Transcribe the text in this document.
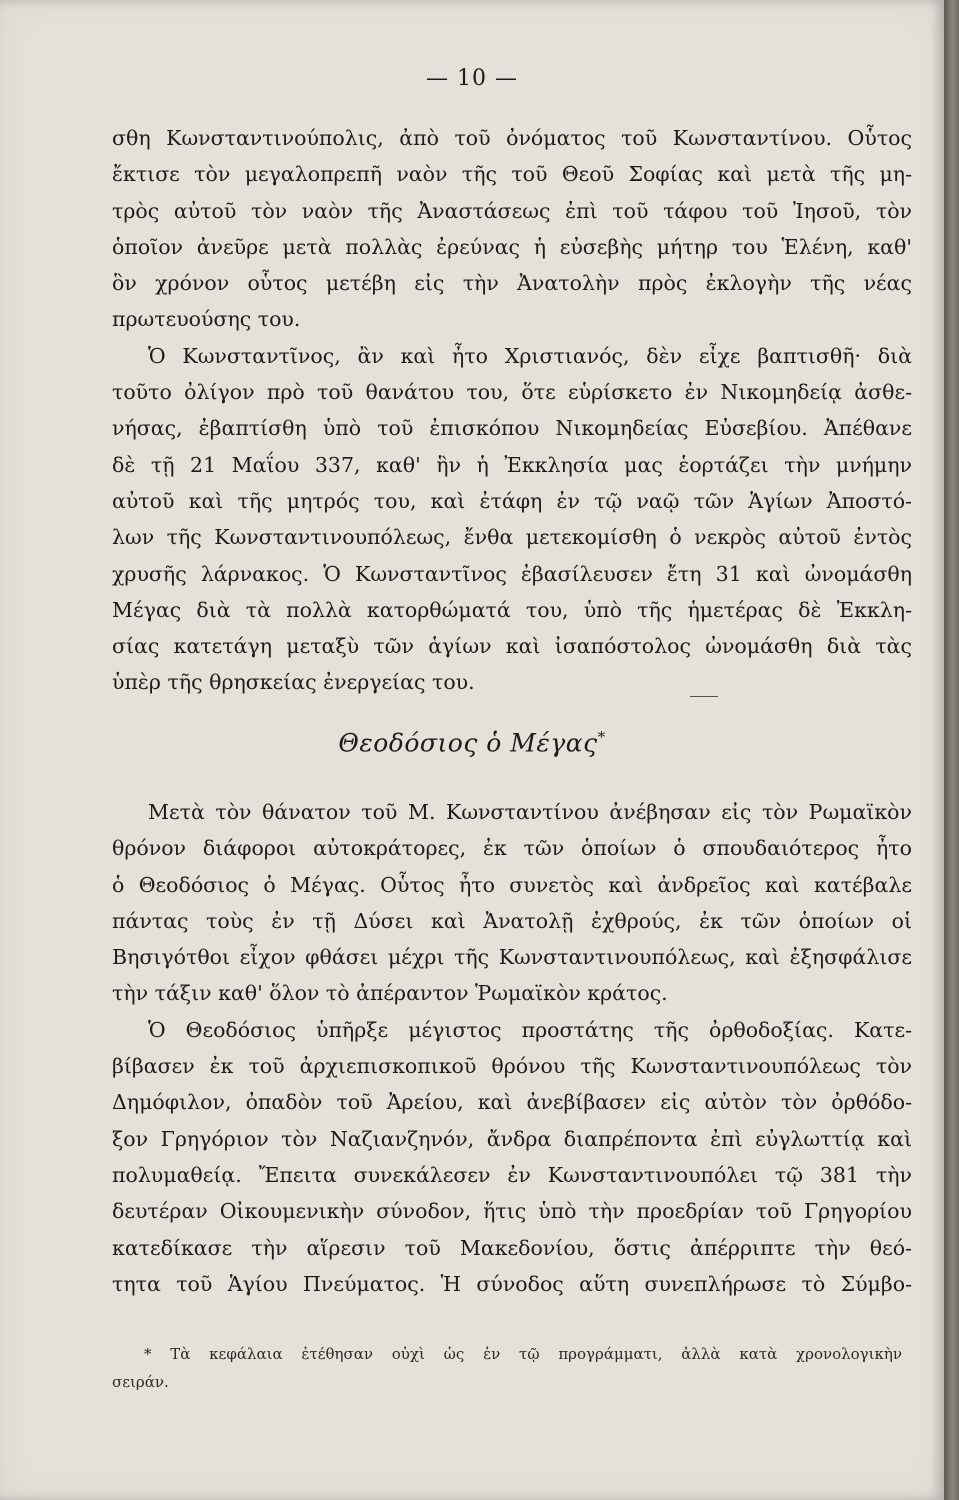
— 10 —
σθη Κωνσταντινούπολις, ἀπὸ τοῦ ὀνόματος τοῦ Κωνσταντίνου. Οὗτος
ἔκτισε τὸν μεγαλοπρεπῆ ναὸν τῆς τοῦ Θεοῦ Σοφίας καὶ μετὰ τῆς μη-
τρὸς αὐτοῦ τὸν ναὸν τῆς Ἀναστάσεως ἐπὶ τοῦ τάφου τοῦ Ἰησοῦ, τὸν
ὁποῖον ἀνεῦρε μετὰ πολλὰς ἐρεύνας ἡ εὐσεβὴς μήτηρ του Ἑλένη, καθ'
ὃν χρόνον οὗτος μετέβη εἰς τὴν Ἀνατολὴν πρὸς ἐκλογὴν τῆς νέας
πρωτευούσης του.
Ὁ Κωνσταντῖνος, ἂν καὶ ἦτο Χριστιανός, δὲν εἶχε βαπτισθῆ· διὰ
τοῦτο ὀλίγον πρὸ τοῦ θανάτου του, ὅτε εὑρίσκετο ἐν Νικομηδείᾳ ἀσθε-
νήσας, ἐβαπτίσθη ὑπὸ τοῦ ἐπισκόπου Νικομηδείας Εὐσεβίου. Ἀπέθανε
δὲ τῇ 21 Μαΐου 337, καθ' ἣν ἡ Ἐκκλησία μας ἑορτάζει τὴν μνήμην
αὐτοῦ καὶ τῆς μητρός του, καὶ ἐτάφη ἐν τῷ ναῷ τῶν Ἁγίων Ἀποστό-
λων τῆς Κωνσταντινουπόλεως, ἔνθα μετεκομίσθη ὁ νεκρὸς αὐτοῦ ἐντὸς
χρυσῆς λάρνακος. Ὁ Κωνσταντῖνος ἐβασίλευσεν ἔτη 31 καὶ ὠνομάσθη
Μέγας διὰ τὰ πολλὰ κατορθώματά του, ὑπὸ τῆς ἡμετέρας δὲ Ἐκκλη-
σίας κατετάγη μεταξὺ τῶν ἁγίων καὶ ἰσαπόστολος ὠνομάσθη διὰ τὰς
ὑπὲρ τῆς θρησκείας ἐνεργείας του.
Θεοδόσιος ὁ Μέγας*
Μετὰ τὸν θάνατον τοῦ Μ. Κωνσταντίνου ἀνέβησαν εἰς τὸν Ρωμαϊκὸν
θρόνον διάφοροι αὐτοκράτορες, ἐκ τῶν ὁποίων ὁ σπουδαιότερος ἦτο
ὁ Θεοδόσιος ὁ Μέγας. Οὗτος ἦτο συνετὸς καὶ ἀνδρεῖος καὶ κατέβαλε
πάντας τοὺς ἐν τῇ Δύσει καὶ Ἀνατολῇ ἐχθρούς, ἐκ τῶν ὁποίων οἱ
Βησιγότθοι εἶχον φθάσει μέχρι τῆς Κωνσταντινουπόλεως, καὶ ἐξησφάλισε
τὴν τάξιν καθ' ὅλον τὸ ἀπέραντον Ῥωμαϊκὸν κράτος.
Ὁ Θεοδόσιος ὑπῆρξε μέγιστος προστάτης τῆς ὀρθοδοξίας. Κατε-
βίβασεν ἐκ τοῦ ἀρχιεπισκοπικοῦ θρόνου τῆς Κωνσταντινουπόλεως τὸν
Δημόφιλον, ὀπαδὸν τοῦ Ἀρείου, καὶ ἀνεβίβασεν εἰς αὐτὸν τὸν ὀρθόδο-
ξον Γρηγόριον τὸν Ναζιανζηνόν, ἄνδρα διαπρέποντα ἐπὶ εὐγλωττίᾳ καὶ
πολυμαθείᾳ. Ἔπειτα συνεκάλεσεν ἐν Κωνσταντινουπόλει τῷ 381 τὴν
δευτέραν Οἰκουμενικὴν σύνοδον, ἥτις ὑπὸ τὴν προεδρίαν τοῦ Γρηγορίου
κατεδίκασε τὴν αἵρεσιν τοῦ Μακεδονίου, ὅστις ἀπέρριπτε τὴν θεό-
τητα τοῦ Ἁγίου Πνεύματος. Ἡ σύνοδος αὕτη συνεπλήρωσε τὸ Σύμβο-
* Τὰ κεφάλαια ἐτέθησαν οὐχὶ ὡς ἐν τῷ προγράμματι, ἀλλὰ κατὰ χρονολογικὴν
σειράν.
